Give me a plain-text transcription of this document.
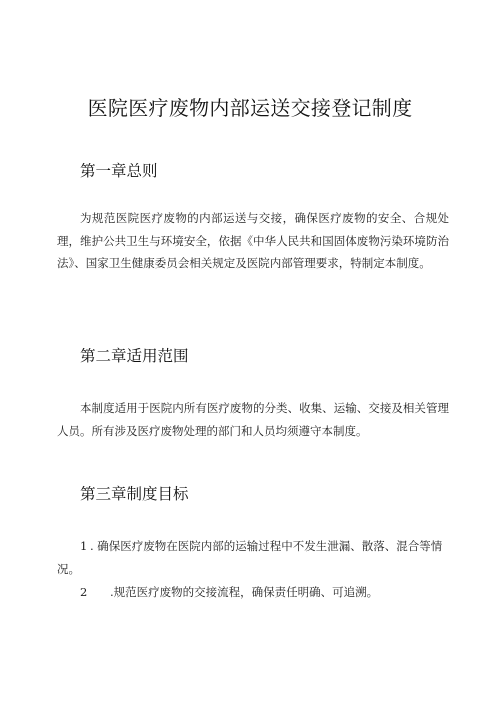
医院医疗废物内部运送交接登记制度
第一章总则
为规范医院医疗废物的内部运送与交接，确保医疗废物的安全、合规处理，维护公共卫生与环境安全，依据《中华人民共和国固体废物污染环境防治法》、国家卫生健康委员会相关规定及医院内部管理要求，特制定本制度。
第二章适用范围
本制度适用于医院内所有医疗废物的分类、收集、运输、交接及相关管理人员。所有涉及医疗废物处理的部门和人员均须遵守本制度。
第三章制度目标
1 . 确保医疗废物在医院内部的运输过程中不发生泄漏、散落、混合等情况。
2 .规范医疗废物的交接流程，确保责任明确、可追溯。
